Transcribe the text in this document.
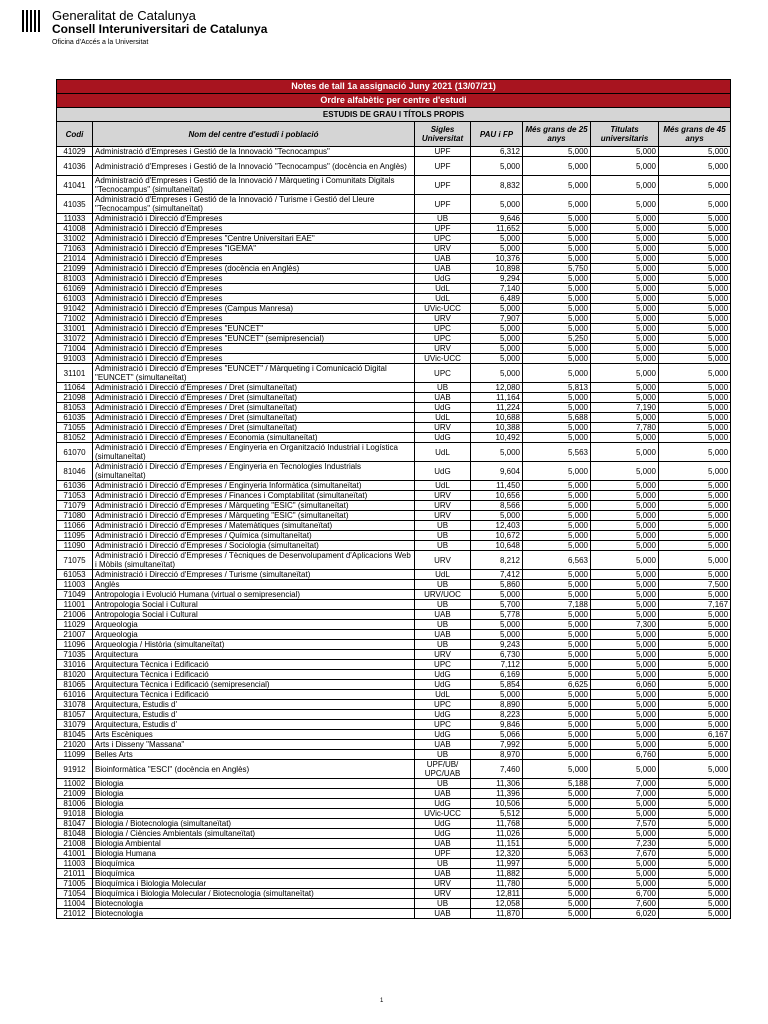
Generalitat de Catalunya
Consell Interuniversitari de Catalunya
Oficina d'Accés a la Universitat
Notes de tall 1a assignació Juny 2021 (13/07/21)						
Ordre alfabètic per centre d'estudi						
ESTUDIS DE GRAU I TÍTOLS PROPIS						
Codi	Nom del centre d'estudi i població	Sigles Universitat	PAU i FP	Més grans de 25 anys	Titulats universitaris	Més grans de 45 anys
41029	Administració d'Empreses i Gestió de la Innovació "Tecnocampus"	UPF	6,312	5,000	5,000	5,000
41036	Administració d'Empreses i Gestió de la Innovació "Tecnocampus" (docència en Anglès)	UPF	5,000	5,000	5,000	5,000
41041	Administració d'Empreses i Gestió de la Innovació / Màrqueting i Comunitats Digitals "Tecnocampus" (simultaneïtat)	UPF	8,832	5,000	5,000	5,000
41035	Administració d'Empreses i Gestió de la Innovació / Turisme i Gestió del Lleure "Tecnocampus" (simultaneïtat)	UPF	5,000	5,000	5,000	5,000
11033	Administració i Direcció d'Empreses	UB	9,646	5,000	5,000	5,000
41008	Administració i Direcció d'Empreses	UPF	11,652	5,000	5,000	5,000
31002	Administració i Direcció d'Empreses "Centre Universitari EAE"	UPC	5,000	5,000	5,000	5,000
71063	Administració i Direcció d'Empreses "IGEMA"	URV	5,000	5,000	5,000	5,000
21014	Administració i Direcció d'Empreses	UAB	10,376	5,000	5,000	5,000
21099	Administració i Direcció d'Empreses (docència en Anglès)	UAB	10,898	5,750	5,000	5,000
81003	Administració i Direcció d'Empreses	UdG	9,294	5,000	5,000	5,000
61069	Administració i Direcció d'Empreses	UdL	7,140	5,000	5,000	5,000
61003	Administració i Direcció d'Empreses	UdL	6,489	5,000	5,000	5,000
91042	Administració i Direcció d'Empreses (Campus Manresa)	UVic-UCC	5,000	5,000	5,000	5,000
71002	Administració i Direcció d'Empreses	URV	7,907	5,000	5,000	5,000
31001	Administració i Direcció d'Empreses "EUNCET"	UPC	5,000	5,000	5,000	5,000
31072	Administració i Direcció d'Empreses "EUNCET" (semipresencial)	UPC	5,000	5,250	5,000	5,000
71004	Administració i Direcció d'Empreses	URV	5,000	5,000	5,000	5,000
91003	Administració i Direcció d'Empreses	UVic-UCC	5,000	5,000	5,000	5,000
31101	Administració i Direcció d'Empreses "EUNCET" / Màrqueting i Comunicació Digital "EUNCET" (simultaneïtat)	UPC	5,000	5,000	5,000	5,000
11064	Administració i Direcció d'Empreses / Dret (simultaneïtat)	UB	12,080	5,813	5,000	5,000
21098	Administració i Direcció d'Empreses / Dret (simultaneïtat)	UAB	11,164	5,000	5,000	5,000
81053	Administració i Direcció d'Empreses / Dret (simultaneïtat)	UdG	11,224	5,000	7,190	5,000
61035	Administració i Direcció d'Empreses / Dret (simultaneïtat)	UdL	10,688	5,688	5,000	5,000
71055	Administració i Direcció d'Empreses / Dret (simultaneïtat)	URV	10,388	5,000	7,780	5,000
81052	Administració i Direcció d'Empreses / Economia (simultaneïtat)	UdG	10,492	5,000	5,000	5,000
61070	Administració i Direcció d'Empreses / Enginyeria en Organització Industrial i Logística (simultaneïtat)	UdL	5,000	5,563	5,000	5,000
81046	Administració i Direcció d'Empreses / Enginyeria en Tecnologies Industrials (simultaneïtat)	UdG	9,604	5,000	5,000	5,000
61036	Administració i Direcció d'Empreses / Enginyeria Informàtica (simultaneïtat)	UdL	11,450	5,000	5,000	5,000
71053	Administració i Direcció d'Empreses / Finances i Comptabilitat (simultaneïtat)	URV	10,656	5,000	5,000	5,000
71079	Administració i Direcció d'Empreses / Màrqueting "ESIC" (simultaneïtat)	URV	8,566	5,000	5,000	5,000
71080	Administració i Direcció d'Empreses / Màrqueting "ESIC" (simultaneïtat)	URV	5,000	5,000	5,000	5,000
11066	Administració i Direcció d'Empreses / Matemàtiques (simultaneïtat)	UB	12,403	5,000	5,000	5,000
11095	Administració i Direcció d'Empreses / Química (simultaneïtat)	UB	10,672	5,000	5,000	5,000
11090	Administració i Direcció d'Empreses / Sociologia (simultaneïtat)	UB	10,648	5,000	5,000	5,000
71075	Administració i Direcció d'Empreses / Tècniques de Desenvolupament d'Aplicacions Web i Mòbils (simultaneïtat)	URV	8,212	6,563	5,000	5,000
61053	Administració i Direcció d'Empreses / Turisme (simultaneïtat)	UdL	7,412	5,000	5,000	5,000
11003	Anglès	UB	5,860	5,000	5,000	7,500
71049	Antropologia i Evolució Humana (virtual o semipresencial)	URV/UOC	5,000	5,000	5,000	5,000
11001	Antropologia Social i Cultural	UB	5,700	7,188	5,000	7,167
21006	Antropologia Social i Cultural	UAB	5,778	5,000	5,000	5,000
11029	Arqueologia	UB	5,000	5,000	7,300	5,000
21007	Arqueologia	UAB	5,000	5,000	5,000	5,000
11096	Arqueologia / Història (simultaneïtat)	UB	9,243	5,000	5,000	5,000
71035	Arquitectura	URV	6,730	5,000	5,000	5,000
31016	Arquitectura Tècnica i Edificació	UPC	7,112	5,000	5,000	5,000
81020	Arquitectura Tècnica i Edificació	UdG	6,169	5,000	5,000	5,000
81065	Arquitectura Tècnica i Edificació (semipresencial)	UdG	5,854	6,625	6,060	5,000
61016	Arquitectura Tècnica i Edificació	UdL	5,000	5,000	5,000	5,000
31078	Arquitectura, Estudis d'	UPC	8,890	5,000	5,000	5,000
81057	Arquitectura, Estudis d'	UdG	8,223	5,000	5,000	5,000
31079	Arquitectura, Estudis d'	UPC	9,846	5,000	5,000	5,000
81045	Arts Escèniques	UdG	5,066	5,000	5,000	6,167
21020	Arts i Disseny "Massana"	UAB	7,992	5,000	5,000	5,000
11099	Belles Arts	UB	8,970	5,000	6,760	5,000
91912	Bioinformàtica "ESCI" (docència en Anglès)	UPF/UB/ UPC/UAB	7,460	5,000	5,000	5,000
11002	Biologia	UB	11,306	5,188	7,000	5,000
21009	Biologia	UAB	11,396	5,000	7,000	5,000
81006	Biologia	UdG	10,506	5,000	5,000	5,000
91018	Biologia	UVic-UCC	5,512	5,000	5,000	5,000
81047	Biologia / Biotecnologia (simultaneïtat)	UdG	11,768	5,000	7,570	5,000
81048	Biologia / Ciències Ambientals (simultaneïtat)	UdG	11,026	5,000	5,000	5,000
21008	Biologia Ambiental	UAB	11,151	5,000	7,230	5,000
41001	Biologia Humana	UPF	12,320	5,063	7,670	5,000
11003	Bioquímica	UB	11,997	5,000	5,000	5,000
21011	Bioquímica	UAB	11,882	5,000	5,000	5,000
71005	Bioquímica i Biologia Molecular	URV	11,780	5,000	5,000	5,000
71054	Bioquímica i Biologia Molecular / Biotecnologia (simultaneïtat)	URV	12,811	5,000	6,700	5,000
11004	Biotecnologia	UB	12,058	5,000	7,600	5,000
21012	Biotecnologia	UAB	11,870	5,000	6,020	5,000
1
